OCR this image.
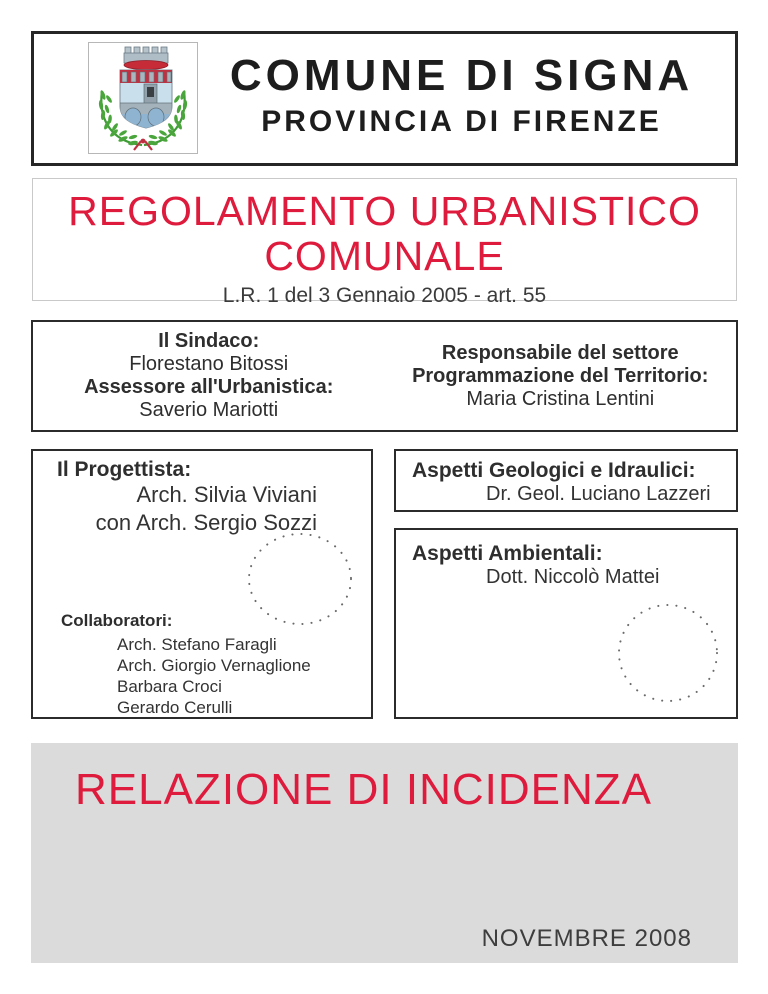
COMUNE DI SIGNA
PROVINCIA DI FIRENZE
REGOLAMENTO URBANISTICO
COMUNALE
L.R. 1 del 3 Gennaio 2005 - art. 55
Il Sindaco:
Florestano Bitossi
Assessore all'Urbanistica:
Saverio Mariotti
Responsabile del settore
Programmazione del Territorio:
Maria Cristina Lentini
Il Progettista:
Arch. Silvia Viviani
con Arch. Sergio Sozzi
Collaboratori:
Arch. Stefano Faragli
Arch. Giorgio Vernaglione
Barbara Croci
Gerardo Cerulli
Aspetti Geologici e Idraulici:
Dr. Geol. Luciano Lazzeri
Aspetti Ambientali:
Dott. Niccolò Mattei
RELAZIONE DI INCIDENZA
NOVEMBRE 2008
